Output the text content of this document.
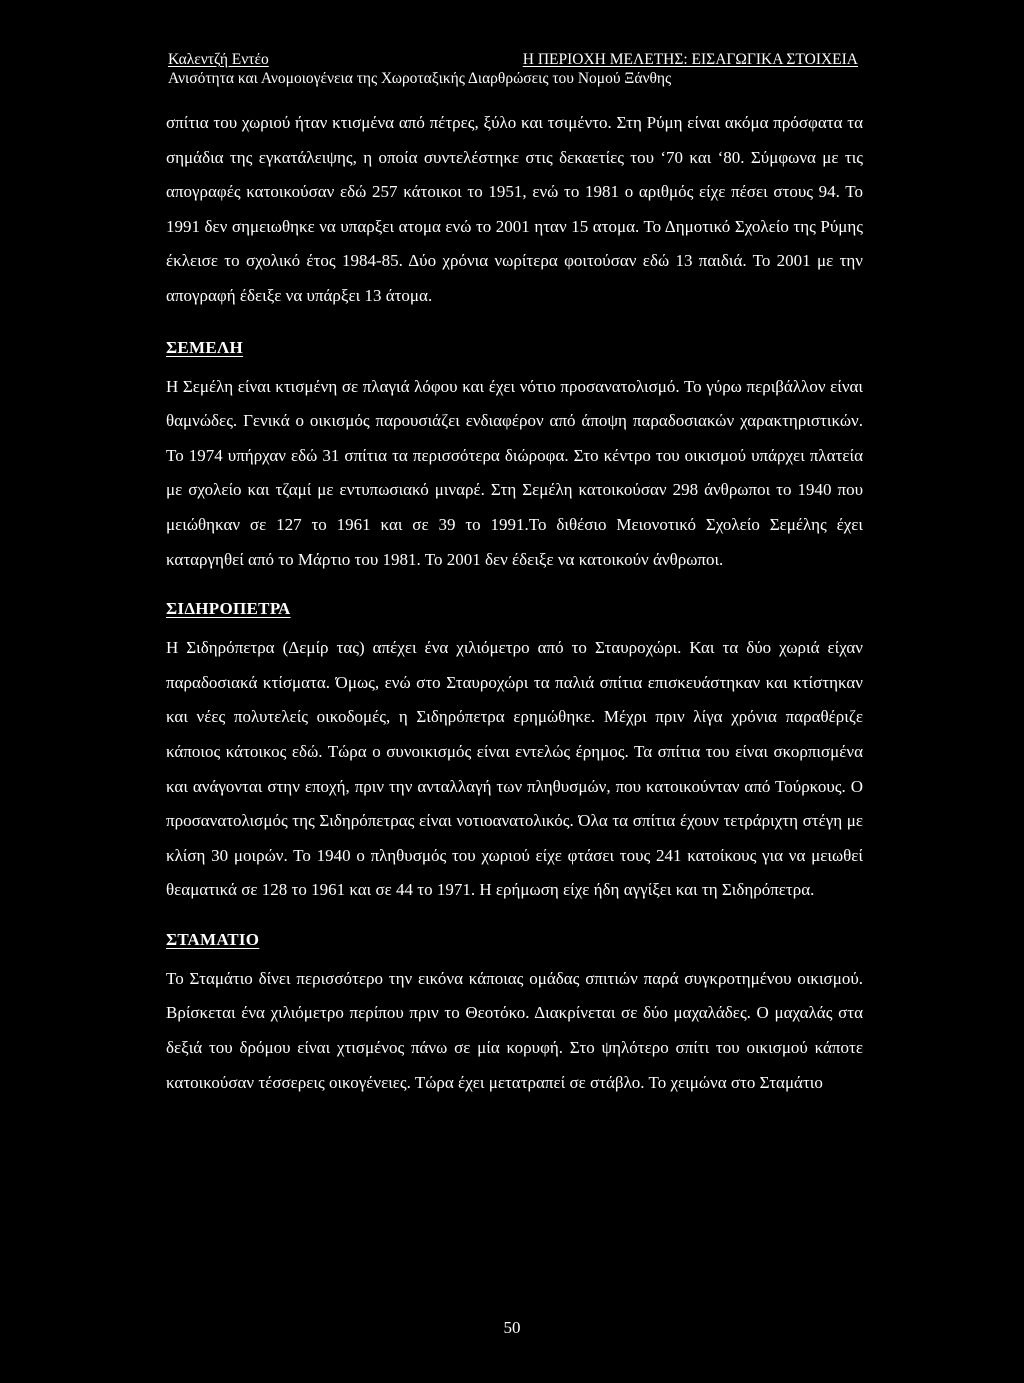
Καλεντζή Εντέο	Η ΠΕΡΙΟΧΗ ΜΕΛΕΤΗΣ: ΕΙΣΑΓΩΓΙΚΑ ΣΤΟΙΧΕΙΑ
Ανισότητα και Ανομοιογένεια της Χωροταξικής Διαρθρώσεις του Νομού Ξάνθης

σπίτια του χωριού ήταν κτισμένα από πέτρες, ξύλο και τσιμέντο. Στη Ρύμη είναι ακόμα πρόσφατα τα σημάδια της εγκατάλειψης, η οποία συντελέστηκε στις δεκαετίες του ‘70 και ‘80. Σύμφωνα με τις απογραφές κατοικούσαν εδώ 257 κάτοικοι το 1951, ενώ το 1981 ο αριθμός είχε πέσει στους 94. Το 1991 δεν σημειωθηκε να υπαρξει ατομα ενώ το 2001 ηταν 15 ατομα. Το Δημοτικό Σχολείο της Ρύμης έκλεισε το σχολικό έτος 1984-85. Δύο χρόνια νωρίτερα φοιτούσαν εδώ 13 παιδιά. Το 2001 με την απογραφή έδειξε να υπάρξει 13 άτομα.

ΣΕΜΕΛΗ

Η Σεμέλη είναι κτισμένη σε πλαγιά λόφου και έχει νότιο προσανατολισμό. Το γύρω περιβάλλον είναι θαμνώδες. Γενικά ο οικισμός παρουσιάζει ενδιαφέρον από άποψη παραδοσιακών χαρακτηριστικών. Το 1974 υπήρχαν εδώ 31 σπίτια τα περισσότερα διώροφα. Στο κέντρο του οικισμού υπάρχει πλατεία με σχολείο και τζαμί με εντυπωσιακό μιναρέ. Στη Σεμέλη κατοικούσαν 298 άνθρωποι το 1940 που μειώθηκαν σε 127 το 1961 και σε 39 το 1991.Το διθέσιο Μειονοτικό Σχολείο Σεμέλης έχει καταργηθεί από το Μάρτιο του 1981. Το 2001 δεν έδειξε να κατοικούν άνθρωποι.

ΣΙΔΗΡΟΠΕΤΡΑ

Η Σιδηρόπετρα (Δεμίρ τας) απέχει ένα χιλιόμετρο από το Σταυροχώρι. Και τα δύο χωριά είχαν παραδοσιακά κτίσματα. Όμως, ενώ στο Σταυροχώρι τα παλιά σπίτια επισκευάστηκαν και κτίστηκαν και νέες πολυτελείς οικοδομές, η Σιδηρόπετρα ερημώθηκε. Μέχρι πριν λίγα χρόνια παραθέριζε κάποιος κάτοικος εδώ. Τώρα ο συνοικισμός είναι εντελώς έρημος. Τα σπίτια του είναι σκορπισμένα και ανάγονται στην εποχή, πριν την ανταλλαγή των πληθυσμών, που κατοικούνταν από Τούρκους. Ο προσανατολισμός της Σιδηρόπετρας είναι νοτιοανατολικός. Όλα τα σπίτια έχουν τετράριχτη στέγη με κλίση 30 μοιρών. Το 1940 ο πληθυσμός του χωριού είχε φτάσει τους 241 κατοίκους για να μειωθεί θεαματικά σε 128 το 1961 και σε 44 το 1971. Η ερήμωση είχε ήδη αγγίξει και τη Σιδηρόπετρα.

ΣΤΑΜΑΤΙΟ

Το Σταμάτιο δίνει περισσότερο την εικόνα κάποιας ομάδας σπιτιών παρά συγκροτημένου οικισμού. Βρίσκεται ένα χιλιόμετρο περίπου πριν το Θεοτόκο. Διακρίνεται σε δύο μαχαλάδες. Ο μαχαλάς στα δεξιά του δρόμου είναι χτισμένος πάνω σε μία κορυφή. Στο ψηλότερο σπίτι του οικισμού κάποτε κατοικούσαν τέσσερεις οικογένειες. Τώρα έχει μετατραπεί σε στάβλο. Το χειμώνα στο Σταμάτιο

50
